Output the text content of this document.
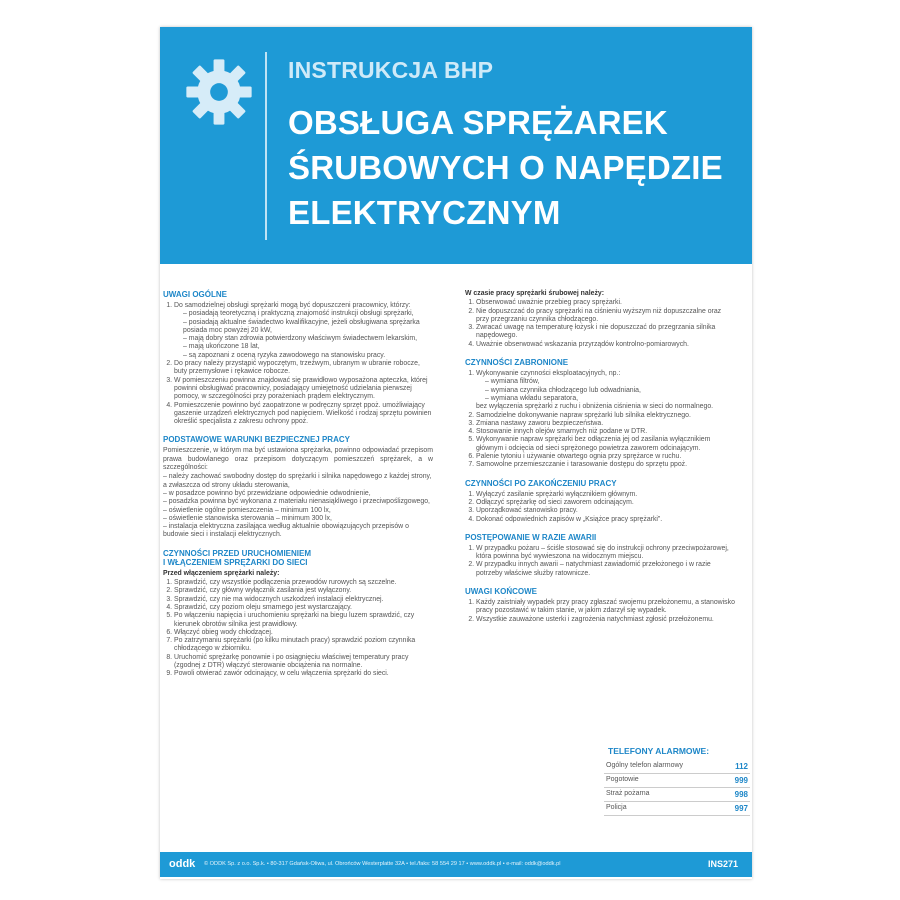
INSTRUKCJA BHP
OBSŁUGA SPRĘŻAREK
ŚRUBOWYCH O NAPĘDZIE
ELEKTRYCZNYM
UWAGI OGÓLNE
1. Do samodzielnej obsługi sprężarki mogą być dopuszczeni pracownicy, którzy:
– posiadają teoretyczną i praktyczną znajomość instrukcji obsługi sprężarki,
– posiadają aktualne świadectwo kwalifikacyjne, jeżeli obsługiwana sprężarka posiada moc powyżej 20 kW,
– mają dobry stan zdrowia potwierdzony właściwym świadectwem lekarskim,
– mają ukończone 18 lat,
– są zapoznani z oceną ryzyka zawodowego na stanowisku pracy.
2. Do pracy należy przystąpić wypoczętym, trzeźwym, ubranym w ubranie robocze, buty przemysłowe i rękawice robocze.
3. W pomieszczeniu powinna znajdować się prawidłowo wyposażona apteczka, której powinni obsługiwać pracownicy, posiadający umiejętność udzielania pierwszej pomocy, w szczególności przy porażeniach prądem elektrycznym.
4. Pomieszczenie powinno być zaopatrzone w podręczny sprzęt ppoż. umożliwiający gaszenie urządzeń elektrycznych pod napięciem. Wielkość i rodzaj sprzętu powinien określić specjalista z zakresu ochrony ppoż.
PODSTAWOWE WARUNKI BEZPIECZNEJ PRACY

Pomieszczenie, w którym ma być ustawiona sprężarka, powinno odpowiadać przepisom prawa budowlanego oraz przepisom dotyczącym pomieszczeń sprężarek, a w szczególności:

– należy zachować swobodny dostęp do sprężarki i silnika napędowego z każdej strony, a zwłaszcza od strony układu sterowania,
– w posadzce powinno być przewidziane odpowiednie odwodnienie,
– posadzka powinna być wykonana z materiału nienasiąkliwego i przeciwpoślizgowego,
– oświetlenie ogólne pomieszczenia – minimum 100 lx,
– oświetlenie stanowiska sterowania – minimum 300 lx,
– instalacja elektryczna zasilająca według aktualnie obowiązujących przepisów o budowie sieci i instalacji elektrycznych.
CZYNNOŚCI PRZED URUCHOMIENIEM
I WŁĄCZENIEM SPRĘŻARKI DO SIECI
Przed włączeniem sprężarki należy:
1. Sprawdzić, czy wszystkie podłączenia przewodów rurowych są szczelne.
2. Sprawdzić, czy główny wyłącznik zasilania jest wyłączony.
3. Sprawdzić, czy nie ma widocznych uszkodzeń instalacji elektrycznej.
4. Sprawdzić, czy poziom oleju smarnego jest wystarczający.
5. Po włączeniu napięcia i uruchomieniu sprężarki na biegu luzem sprawdzić, czy kierunek obrotów silnika jest prawidłowy.
6. Włączyć obieg wody chłodzącej.
7. Po zatrzymaniu sprężarki (po kilku minutach pracy) sprawdzić poziom czynnika chłodzącego w zbiorniku.
8. Uruchomić sprężarkę ponownie i po osiągnięciu właściwej temperatury pracy (zgodnej z DTR) włączyć sterowanie obciążenia na normalne.
9. Powoli otwierać zawór odcinający, w celu włączenia sprężarki do sieci.
W czasie pracy sprężarki śrubowej należy:
1. Obserwować uważnie przebieg pracy sprężarki.
2. Nie dopuszczać do pracy sprężarki na ciśnieniu wyższym niż dopuszczalne oraz przy przegrzaniu czynnika chłodzącego.
3. Zwracać uwagę na temperaturę łożysk i nie dopuszczać do przegrzania silnika napędowego.
4. Uważnie obserwować wskazania przyrządów kontrolno-pomiarowych.
CZYNNOŚCI ZABRONIONE
1. Wykonywanie czynności eksploatacyjnych, np.:
– wymiana filtrów,
– wymiana czynnika chłodzącego lub odwadniania,
– wymiana wkładu separatora,
bez wyłączenia sprężarki z ruchu i obniżenia ciśnienia w sieci do normalnego.
2. Samodzielne dokonywanie napraw sprężarki lub silnika elektrycznego.
3. Zmiana nastawy zaworu bezpieczeństwa.
4. Stosowanie innych olejów smarnych niż podane w DTR.
5. Wykonywanie napraw sprężarki bez odłączenia jej od zasilania wyłącznikiem głównym i odcięcia od sieci sprężonego powietrza zaworem odcinającym.
6. Palenie tytoniu i używanie otwartego ognia przy sprężarce w ruchu.
7. Samowolne przemieszczanie i tarasowanie dostępu do sprzętu ppoż.
CZYNNOŚCI PO ZAKOŃCZENIU PRACY
1. Wyłączyć zasilanie sprężarki wyłącznikiem głównym.
2. Odłączyć sprężarkę od sieci zaworem odcinającym.
3. Uporządkować stanowisko pracy.
4. Dokonać odpowiednich zapisów w „Książce pracy sprężarki”.
POSTĘPOWANIE W RAZIE AWARII
1. W przypadku pożaru – ściśle stosować się do instrukcji ochrony przeciwpożarowej, która powinna być wywieszona na widocznym miejscu.
2. W przypadku innych awarii – natychmiast zawiadomić przełożonego i w razie potrzeby właściwe służby ratownicze.
UWAGI KOŃCOWE
1. Każdy zaistniały wypadek przy pracy zgłaszać swojemu przełożonemu, a stanowisko pracy pozostawić w takim stanie, w jakim zdarzył się wypadek.
2. Wszystkie zauważone usterki i zagrożenia natychmiast zgłosić przełożonemu.
TELEFONY ALARMOWE:
Ogólny telefon alarmowy	112
Pogotowie	999
Straż pożarna	998
Policja	997
oddk	© ODDK Sp. z o.o. Sp.k. • 80-317 Gdańsk-Oliwa, ul. Obrońców Westerplatte 32A • tel./faks: 58 554 29 17 • www.oddk.pl • e-mail: oddk@oddk.pl	INS271
